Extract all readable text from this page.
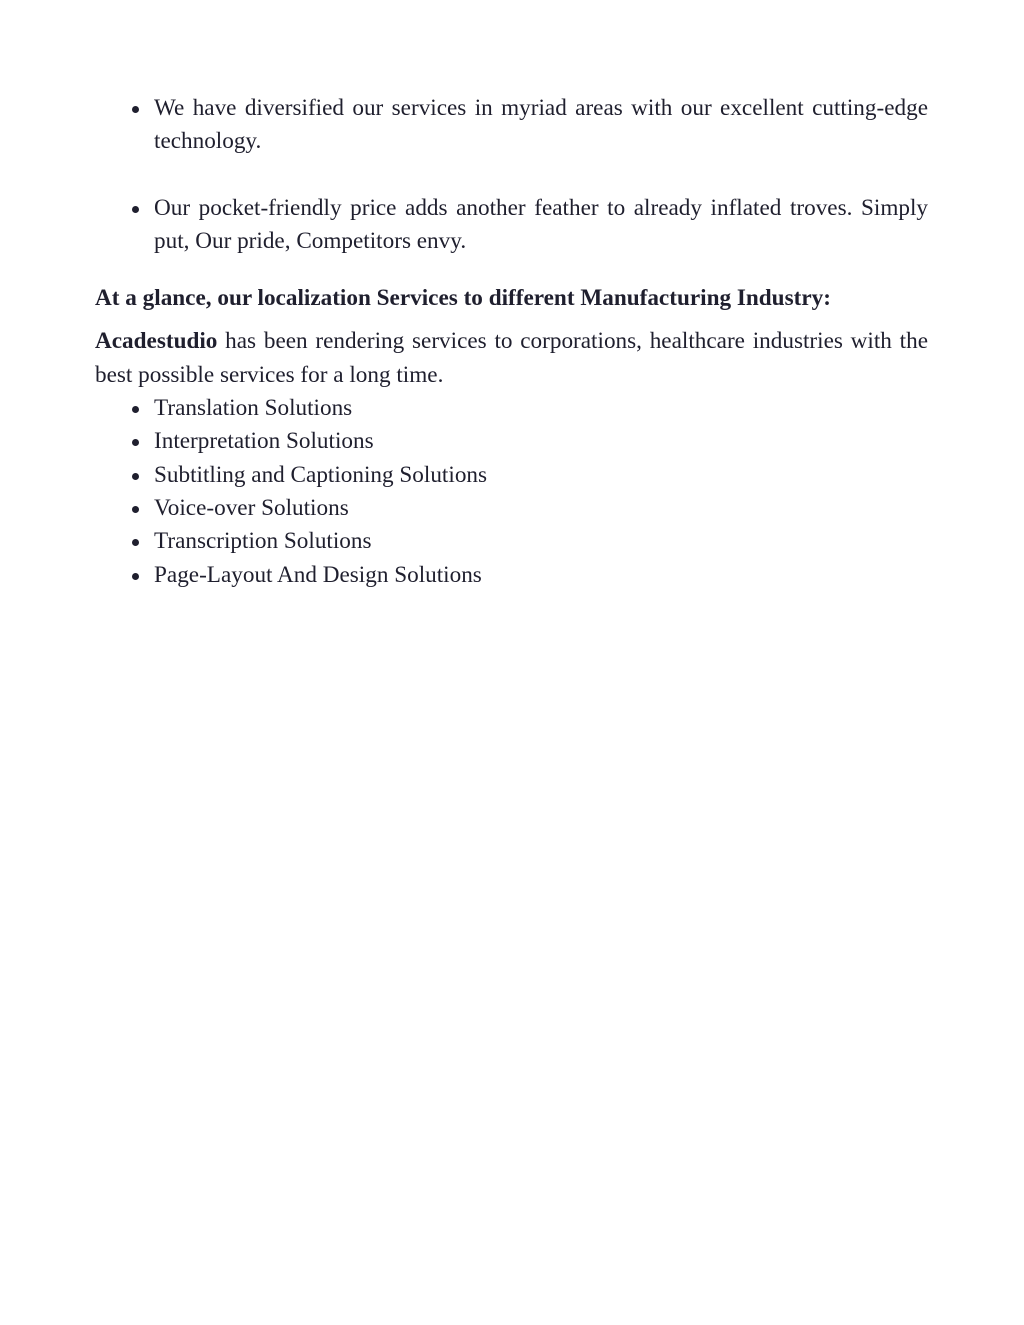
We have diversified our services in myriad areas with our excellent cutting-edge technology.
Our pocket-friendly price adds another feather to already inflated troves. Simply put, Our pride, Competitors envy.

At a glance, our localization Services to different Manufacturing Industry:

Acadestudio has been rendering services to corporations, healthcare industries with the best possible services for a long time.

Translation Solutions
Interpretation Solutions
Subtitling and Captioning Solutions
Voice-over Solutions
Transcription Solutions
Page-Layout And Design Solutions
